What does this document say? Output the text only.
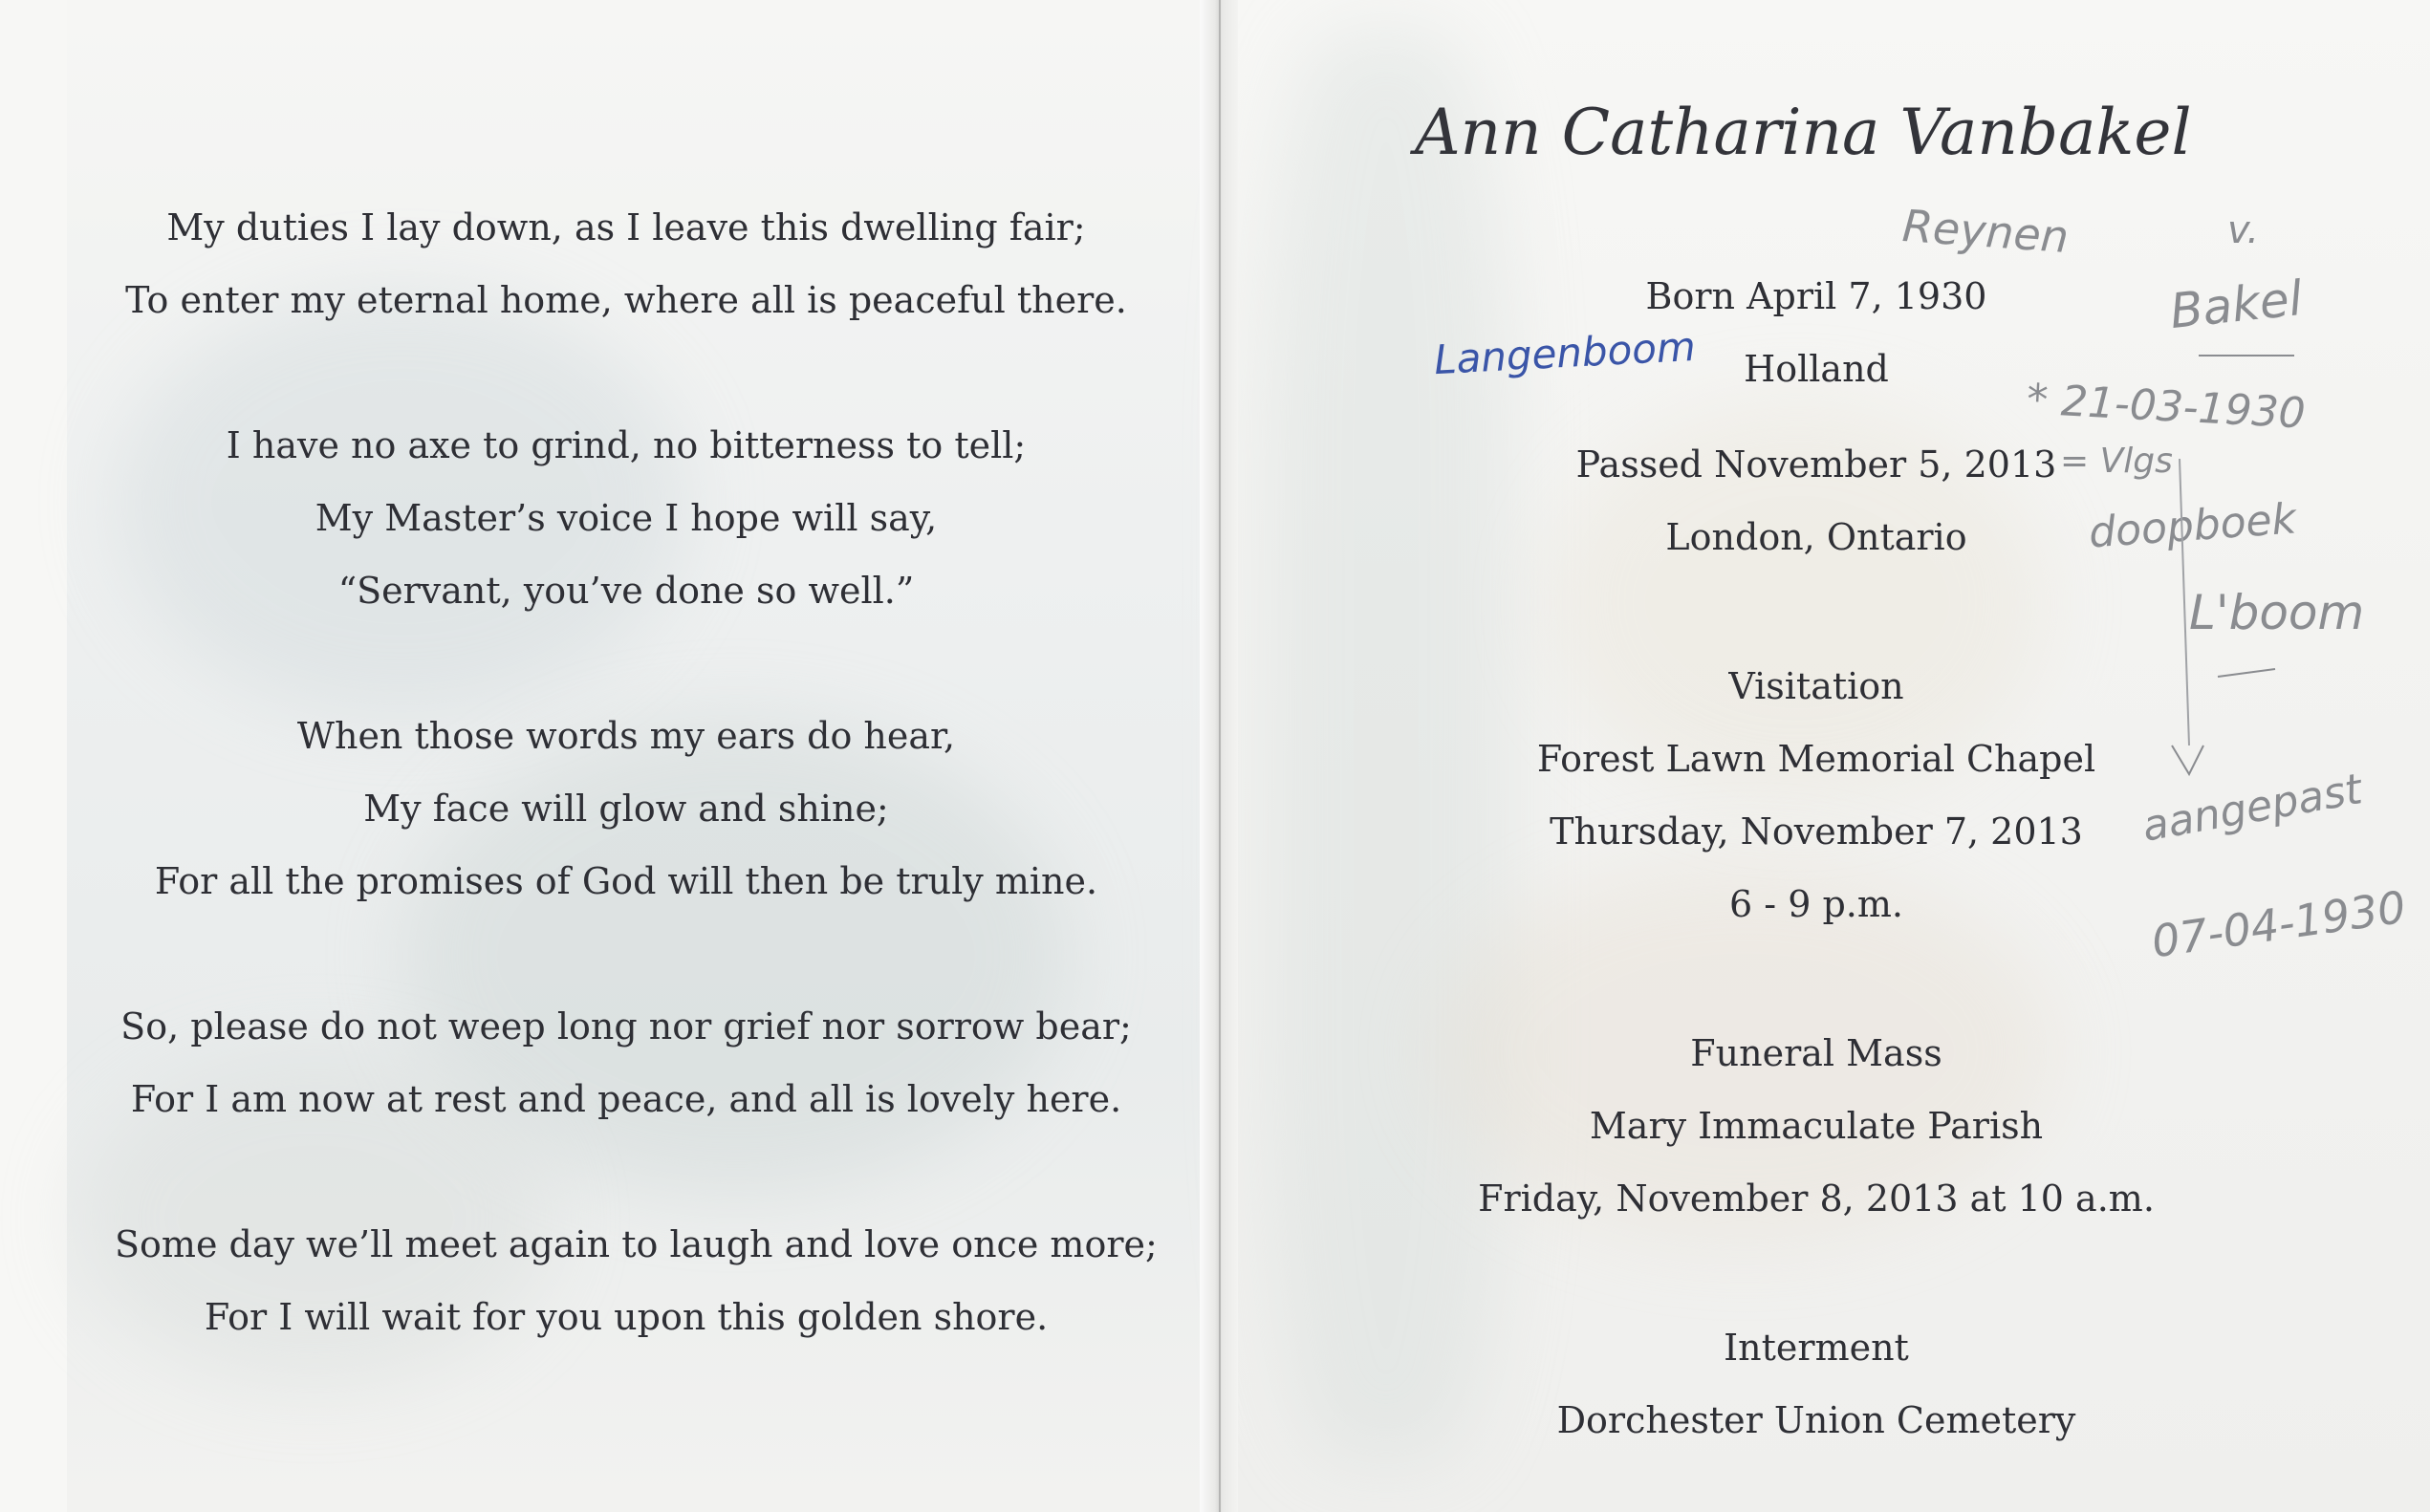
My duties I lay down, as I leave this dwelling fair;
To enter my eternal home, where all is peaceful there.
I have no axe to grind, no bitterness to tell;
My Master’s voice I hope will say,
“Servant, you’ve done so well.”
When those words my ears do hear,
My face will glow and shine;
For all the promises of God will then be truly mine.
So, please do not weep long nor grief nor sorrow bear;
For I am now at rest and peace, and all is lovely here.
Some day we’ll meet again to laugh and love once more;
For I will wait for you upon this golden shore.
Ann Catharina Vanbakel
Born April 7, 1930
Holland
Passed November 5, 2013
London, Ontario
Visitation
Forest Lawn Memorial Chapel
Thursday, November 7, 2013
6 - 9 p.m.
Funeral Mass
Mary Immaculate Parish
Friday, November 8, 2013 at 10 a.m.
Interment
Dorchester Union Cemetery
Reynen	v.
Bakel
Langenboom
* 21-03-1930
= Vlgs
doopboek
L'boom
aangepast
07-04-1930
